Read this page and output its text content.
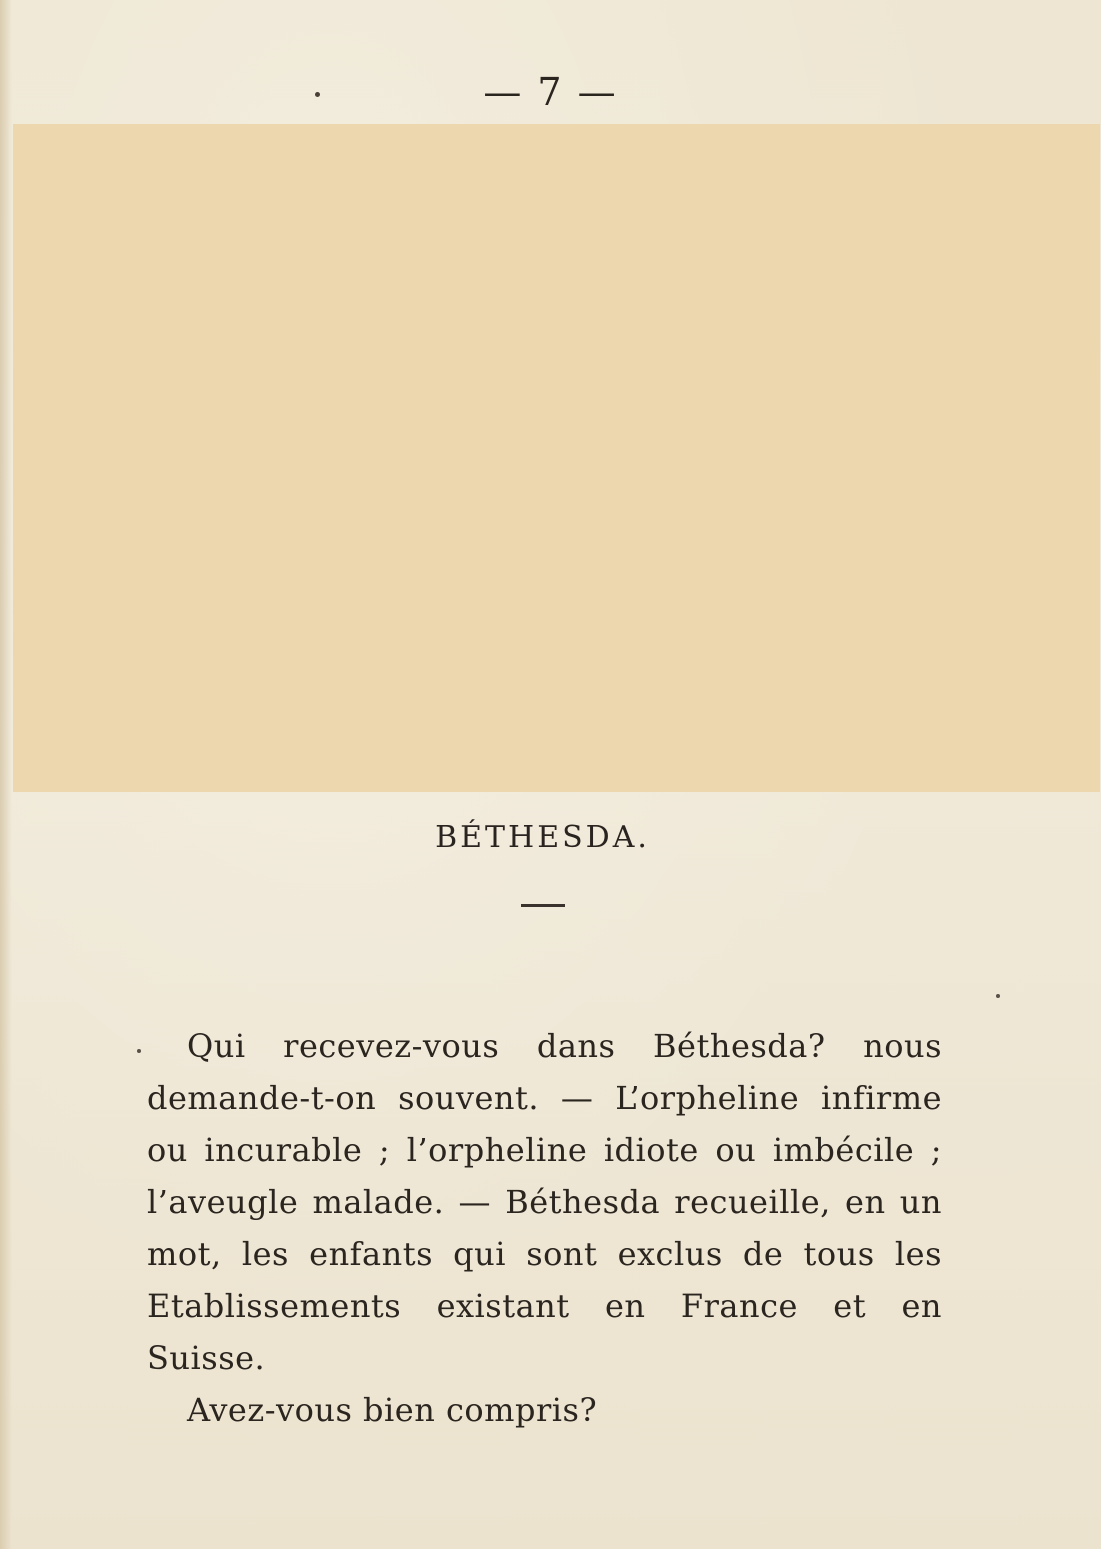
— 7 —
BÉTHESDA.

Qui recevez-vous dans Béthesda? nous demande-t-on souvent. — L’orpheline infirme ou incurable ; l’orpheline idiote ou imbécile ; l’aveugle malade. — Béthesda recueille, en un mot, les enfants qui sont exclus de tous les Etablissements existant en France et en Suisse.

Avez-vous bien compris?
